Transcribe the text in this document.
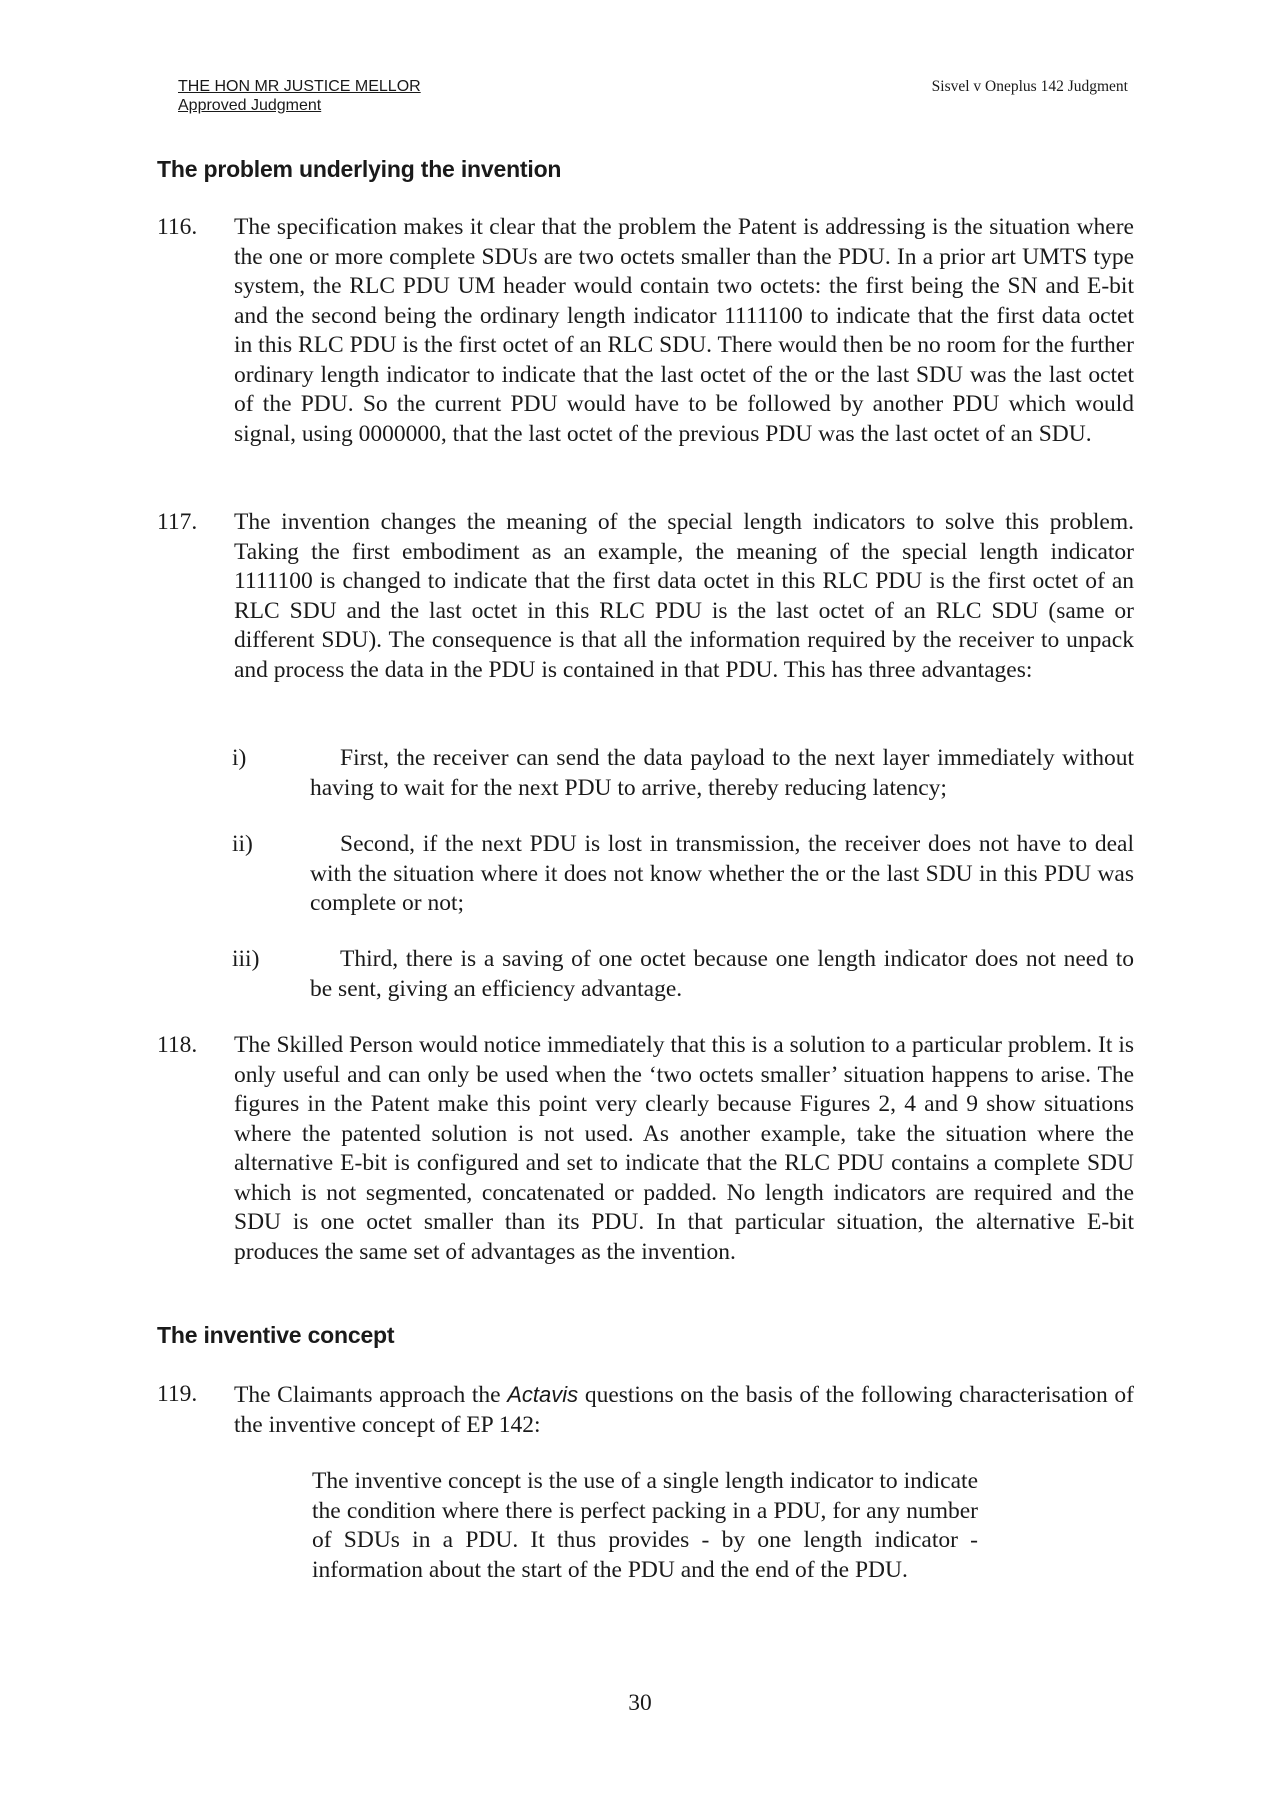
THE HON MR JUSTICE MELLOR
Approved Judgment
Sisvel v Oneplus 142 Judgment
The problem underlying the invention
116. The specification makes it clear that the problem the Patent is addressing is the situation where the one or more complete SDUs are two octets smaller than the PDU. In a prior art UMTS type system, the RLC PDU UM header would contain two octets: the first being the SN and E-bit and the second being the ordinary length indicator 1111100 to indicate that the first data octet in this RLC PDU is the first octet of an RLC SDU. There would then be no room for the further ordinary length indicator to indicate that the last octet of the or the last SDU was the last octet of the PDU. So the current PDU would have to be followed by another PDU which would signal, using 0000000, that the last octet of the previous PDU was the last octet of an SDU.
117. The invention changes the meaning of the special length indicators to solve this problem. Taking the first embodiment as an example, the meaning of the special length indicator 1111100 is changed to indicate that the first data octet in this RLC PDU is the first octet of an RLC SDU and the last octet in this RLC PDU is the last octet of an RLC SDU (same or different SDU). The consequence is that all the information required by the receiver to unpack and process the data in the PDU is contained in that PDU. This has three advantages:
i)	First, the receiver can send the data payload to the next layer immediately without having to wait for the next PDU to arrive, thereby reducing latency;
ii)	Second, if the next PDU is lost in transmission, the receiver does not have to deal with the situation where it does not know whether the or the last SDU in this PDU was complete or not;
iii)	Third, there is a saving of one octet because one length indicator does not need to be sent, giving an efficiency advantage.
118. The Skilled Person would notice immediately that this is a solution to a particular problem. It is only useful and can only be used when the ‘two octets smaller’ situation happens to arise. The figures in the Patent make this point very clearly because Figures 2, 4 and 9 show situations where the patented solution is not used. As another example, take the situation where the alternative E-bit is configured and set to indicate that the RLC PDU contains a complete SDU which is not segmented, concatenated or padded. No length indicators are required and the SDU is one octet smaller than its PDU. In that particular situation, the alternative E-bit produces the same set of advantages as the invention.
The inventive concept
119. The Claimants approach the Actavis questions on the basis of the following characterisation of the inventive concept of EP 142:
The inventive concept is the use of a single length indicator to indicate the condition where there is perfect packing in a PDU, for any number of SDUs in a PDU. It thus provides - by one length indicator - information about the start of the PDU and the end of the PDU.
30
